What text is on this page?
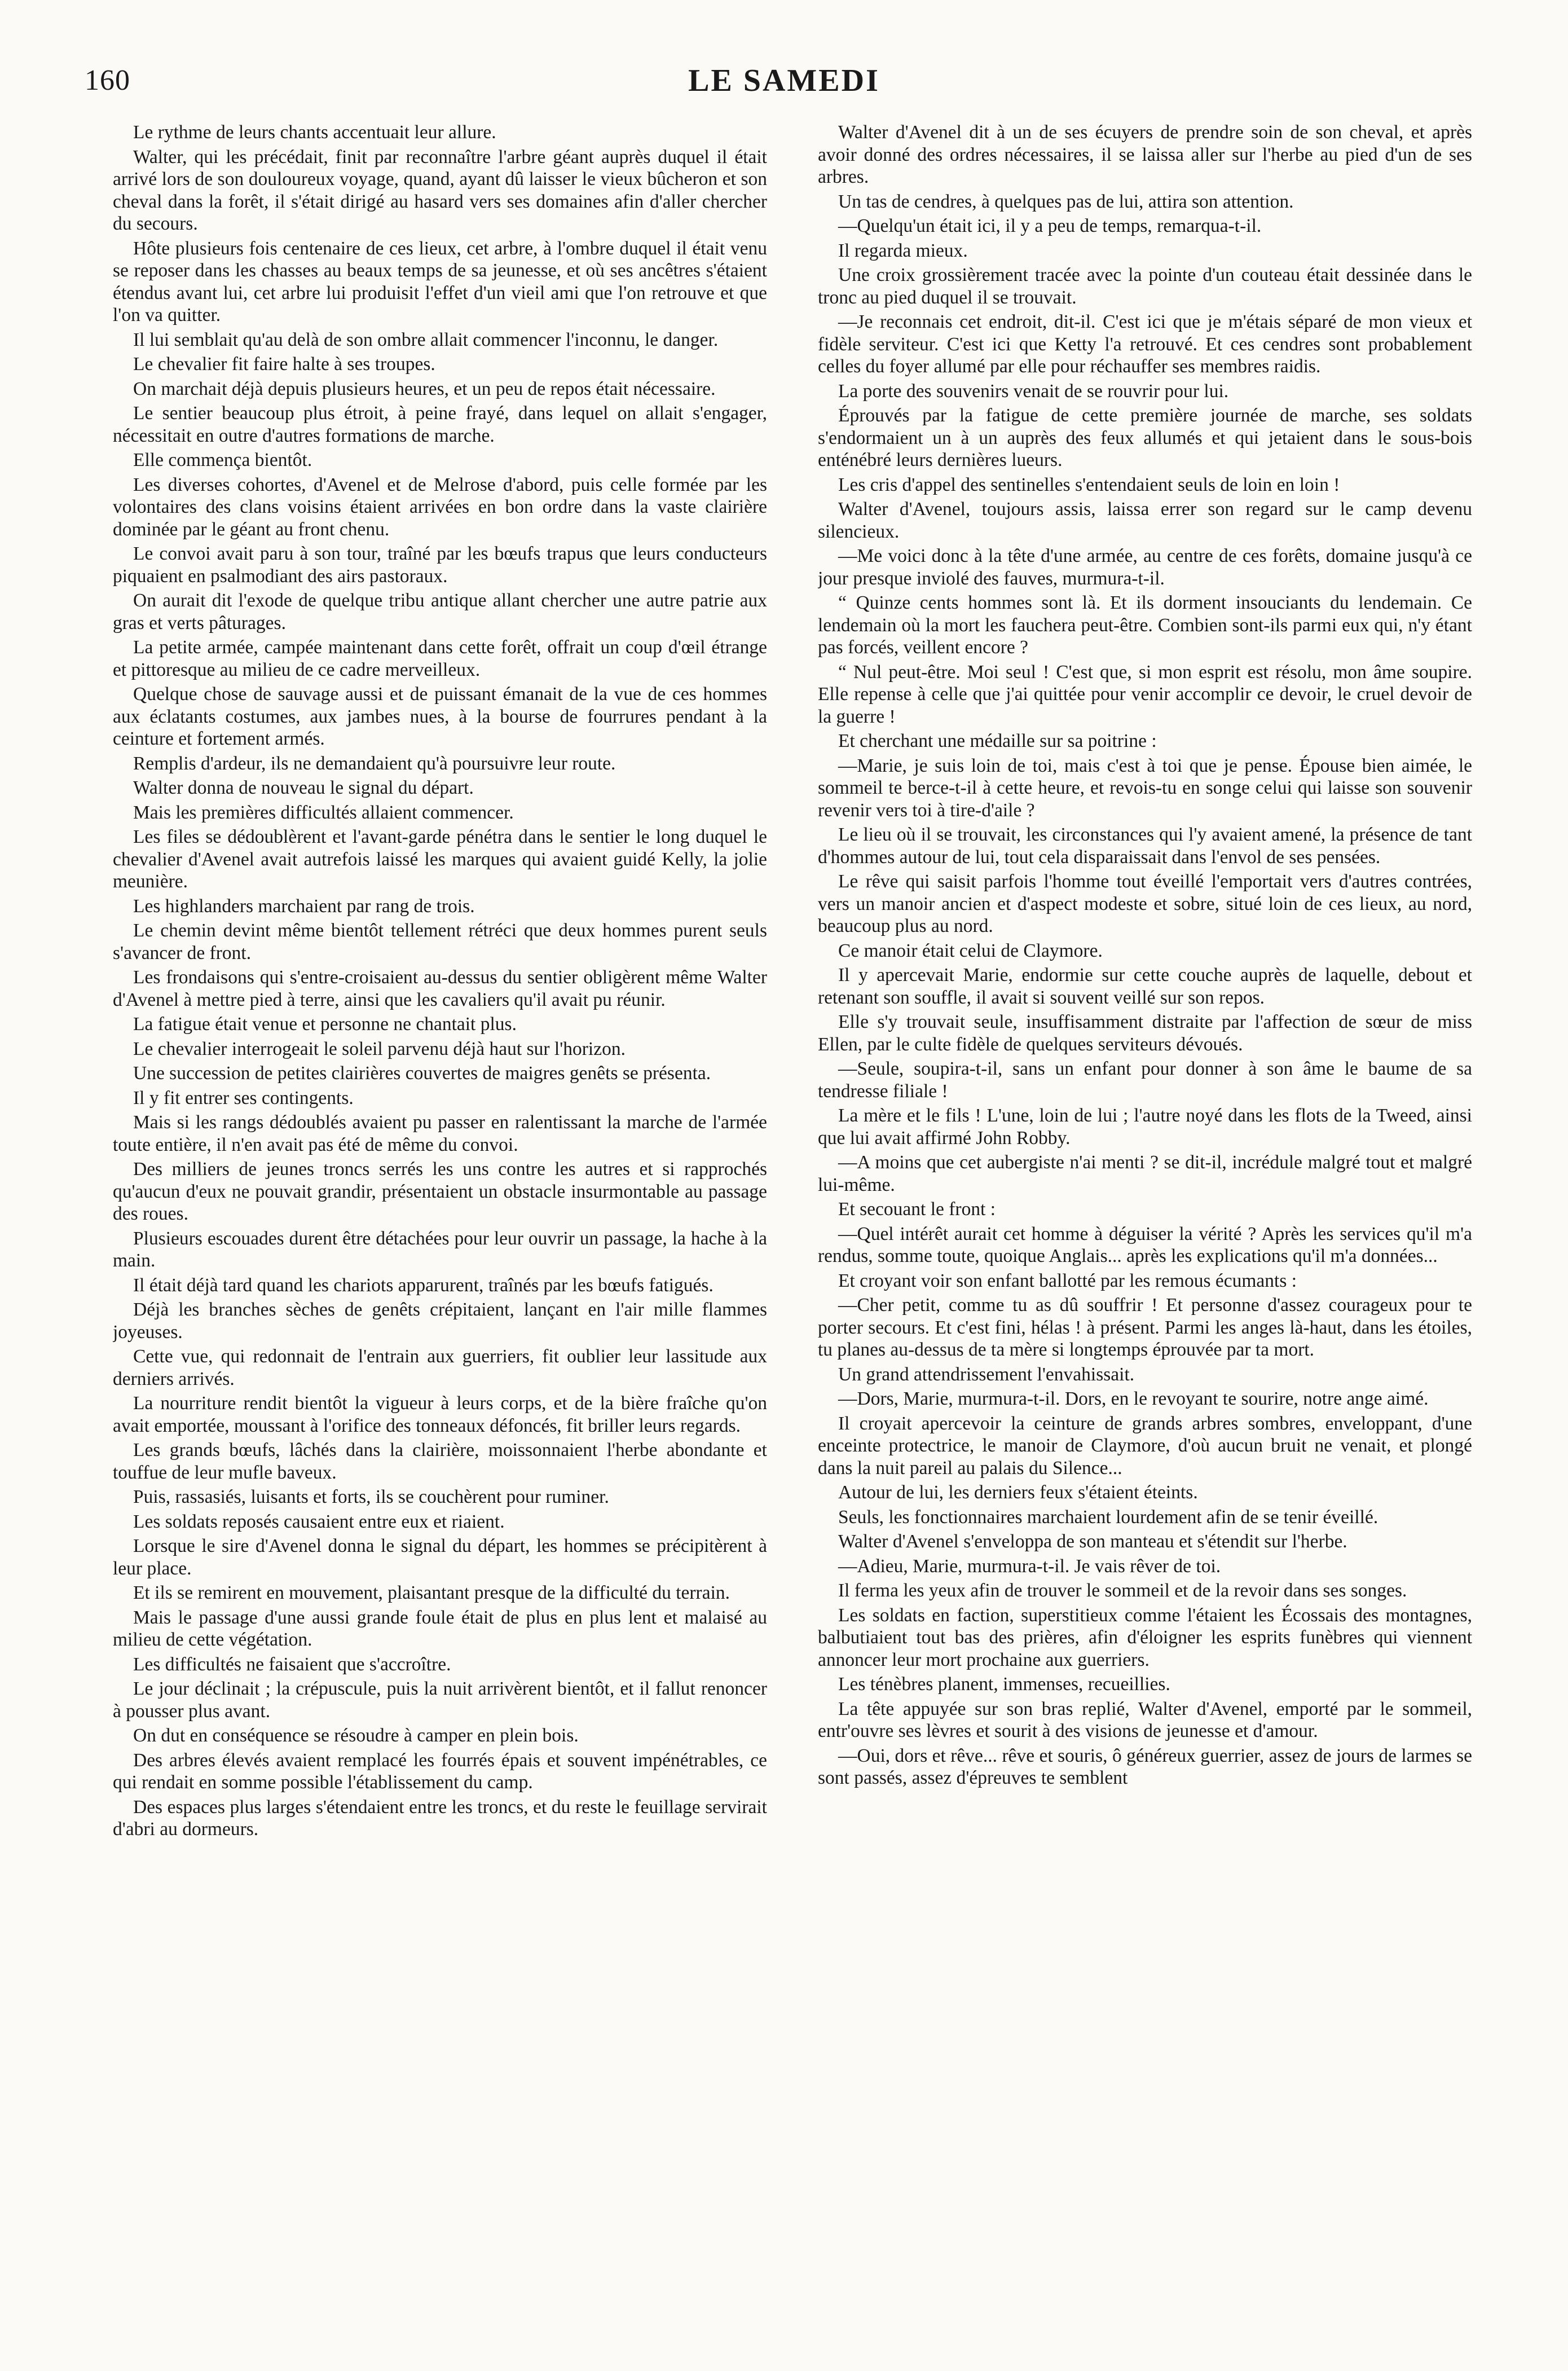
160	LE SAMEDI

Le rythme de leurs chants accentuait leur allure.

Walter, qui les précédait, finit par reconnaître l'arbre géant auprès duquel il était arrivé lors de son douloureux voyage, quand, ayant dû laisser le vieux bûcheron et son cheval dans la forêt, il s'était dirigé au hasard vers ses domaines afin d'aller chercher du secours.

Hôte plusieurs fois centenaire de ces lieux, cet arbre, à l'ombre duquel il était venu se reposer dans les chasses au beaux temps de sa jeunesse, et où ses ancêtres s'étaient étendus avant lui, cet arbre lui produisit l'effet d'un vieil ami que l'on retrouve et que l'on va quitter.

Il lui semblait qu'au delà de son ombre allait commencer l'inconnu, le danger.

Le chevalier fit faire halte à ses troupes.

On marchait déjà depuis plusieurs heures, et un peu de repos était nécessaire.

Le sentier beaucoup plus étroit, à peine frayé, dans lequel on allait s'engager, nécessitait en outre d'autres formations de marche.

Elle commença bientôt.

Les diverses cohortes, d'Avenel et de Melrose d'abord, puis celle formée par les volontaires des clans voisins étaient arrivées en bon ordre dans la vaste clairière dominée par le géant au front chenu.

Le convoi avait paru à son tour, traîné par les bœufs trapus que leurs conducteurs piquaient en psalmodiant des airs pastoraux.

On aurait dit l'exode de quelque tribu antique allant chercher une autre patrie aux gras et verts pâturages.

La petite armée, campée maintenant dans cette forêt, offrait un coup d'œil étrange et pittoresque au milieu de ce cadre merveilleux.

Quelque chose de sauvage aussi et de puissant émanait de la vue de ces hommes aux éclatants costumes, aux jambes nues, à la bourse de fourrures pendant à la ceinture et fortement armés.

Remplis d'ardeur, ils ne demandaient qu'à poursuivre leur route.

Walter donna de nouveau le signal du départ.

Mais les premières difficultés allaient commencer.

Les files se dédoublèrent et l'avant-garde pénétra dans le sentier le long duquel le chevalier d'Avenel avait autrefois laissé les marques qui avaient guidé Kelly, la jolie meunière.

Les highlanders marchaient par rang de trois.

Le chemin devint même bientôt tellement rétréci que deux hommes purent seuls s'avancer de front.

Les frondaisons qui s'entre-croisaient au-dessus du sentier obligèrent même Walter d'Avenel à mettre pied à terre, ainsi que les cavaliers qu'il avait pu réunir.

La fatigue était venue et personne ne chantait plus.

Le chevalier interrogeait le soleil parvenu déjà haut sur l'horizon.

Une succession de petites clairières couvertes de maigres genêts se présenta.

Il y fit entrer ses contingents.

Mais si les rangs dédoublés avaient pu passer en ralentissant la marche de l'armée toute entière, il n'en avait pas été de même du convoi.

Des milliers de jeunes troncs serrés les uns contre les autres et si rapprochés qu'aucun d'eux ne pouvait grandir, présentaient un obstacle insurmontable au passage des roues.

Plusieurs escouades durent être détachées pour leur ouvrir un passage, la hache à la main.

Il était déjà tard quand les chariots apparurent, traînés par les bœufs fatigués.

Déjà les branches sèches de genêts crépitaient, lançant en l'air mille flammes joyeuses.

Cette vue, qui redonnait de l'entrain aux guerriers, fit oublier leur lassitude aux derniers arrivés.

La nourriture rendit bientôt la vigueur à leurs corps, et de la bière fraîche qu'on avait emportée, moussant à l'orifice des tonneaux défoncés, fit briller leurs regards.

Les grands bœufs, lâchés dans la clairière, moissonnaient l'herbe abondante et touffue de leur mufle baveux.

Puis, rassasiés, luisants et forts, ils se couchèrent pour ruminer.

Les soldats reposés causaient entre eux et riaient.

Lorsque le sire d'Avenel donna le signal du départ, les hommes se précipitèrent à leur place.

Et ils se remirent en mouvement, plaisantant presque de la difficulté du terrain.

Mais le passage d'une aussi grande foule était de plus en plus lent et malaisé au milieu de cette végétation.

Les difficultés ne faisaient que s'accroître.

Le jour déclinait ; la crépuscule, puis la nuit arrivèrent bientôt, et il fallut renoncer à pousser plus avant.

On dut en conséquence se résoudre à camper en plein bois.

Des arbres élevés avaient remplacé les fourrés épais et souvent impénétrables, ce qui rendait en somme possible l'établissement du camp.

Des espaces plus larges s'étendaient entre les troncs, et du reste le feuillage servirait d'abri au dormeurs.

Walter d'Avenel dit à un de ses écuyers de prendre soin de son cheval, et après avoir donné des ordres nécessaires, il se laissa aller sur l'herbe au pied d'un de ses arbres.

Un tas de cendres, à quelques pas de lui, attira son attention.

—Quelqu'un était ici, il y a peu de temps, remarqua-t-il.

Il regarda mieux.

Une croix grossièrement tracée avec la pointe d'un couteau était dessinée dans le tronc au pied duquel il se trouvait.

—Je reconnais cet endroit, dit-il. C'est ici que je m'étais séparé de mon vieux et fidèle serviteur. C'est ici que Ketty l'a retrouvé. Et ces cendres sont probablement celles du foyer allumé par elle pour réchauffer ses membres raidis.

La porte des souvenirs venait de se rouvrir pour lui.

Éprouvés par la fatigue de cette première journée de marche, ses soldats s'endormaient un à un auprès des feux allumés et qui jetaient dans le sous-bois enténébré leurs dernières lueurs.

Les cris d'appel des sentinelles s'entendaient seuls de loin en loin !

Walter d'Avenel, toujours assis, laissa errer son regard sur le camp devenu silencieux.

—Me voici donc à la tête d'une armée, au centre de ces forêts, domaine jusqu'à ce jour presque inviolé des fauves, murmura-t-il.

“ Quinze cents hommes sont là. Et ils dorment insouciants du lendemain. Ce lendemain où la mort les fauchera peut-être. Combien sont-ils parmi eux qui, n'y étant pas forcés, veillent encore ?

“ Nul peut-être. Moi seul ! C'est que, si mon esprit est résolu, mon âme soupire. Elle repense à celle que j'ai quittée pour venir accomplir ce devoir, le cruel devoir de la guerre !

Et cherchant une médaille sur sa poitrine :

—Marie, je suis loin de toi, mais c'est à toi que je pense. Épouse bien aimée, le sommeil te berce-t-il à cette heure, et revois-tu en songe celui qui laisse son souvenir revenir vers toi à tire-d'aile ?

Le lieu où il se trouvait, les circonstances qui l'y avaient amené, la présence de tant d'hommes autour de lui, tout cela disparaissait dans l'envol de ses pensées.

Le rêve qui saisit parfois l'homme tout éveillé l'emportait vers d'autres contrées, vers un manoir ancien et d'aspect modeste et sobre, situé loin de ces lieux, au nord, beaucoup plus au nord.

Ce manoir était celui de Claymore.

Il y apercevait Marie, endormie sur cette couche auprès de laquelle, debout et retenant son souffle, il avait si souvent veillé sur son repos.

Elle s'y trouvait seule, insuffisamment distraite par l'affection de sœur de miss Ellen, par le culte fidèle de quelques serviteurs dévoués.

—Seule, soupira-t-il, sans un enfant pour donner à son âme le baume de sa tendresse filiale !

La mère et le fils ! L'une, loin de lui ; l'autre noyé dans les flots de la Tweed, ainsi que lui avait affirmé John Robby.

—A moins que cet aubergiste n'ai menti ? se dit-il, incrédule malgré tout et malgré lui-même.

Et secouant le front :

—Quel intérêt aurait cet homme à déguiser la vérité ? Après les services qu'il m'a rendus, somme toute, quoique Anglais... après les explications qu'il m'a données...

Et croyant voir son enfant ballotté par les remous écumants :

—Cher petit, comme tu as dû souffrir ! Et personne d'assez courageux pour te porter secours. Et c'est fini, hélas ! à présent. Parmi les anges là-haut, dans les étoiles, tu planes au-dessus de ta mère si longtemps éprouvée par ta mort.

Un grand attendrissement l'envahissait.

—Dors, Marie, murmura-t-il. Dors, en le revoyant te sourire, notre ange aimé.

Il croyait apercevoir la ceinture de grands arbres sombres, enveloppant, d'une enceinte protectrice, le manoir de Claymore, d'où aucun bruit ne venait, et plongé dans la nuit pareil au palais du Silence...

Autour de lui, les derniers feux s'étaient éteints.

Seuls, les fonctionnaires marchaient lourdement afin de se tenir éveillé.

Walter d'Avenel s'enveloppa de son manteau et s'étendit sur l'herbe.

—Adieu, Marie, murmura-t-il. Je vais rêver de toi.

Il ferma les yeux afin de trouver le sommeil et de la revoir dans ses songes.

Les soldats en faction, superstitieux comme l'étaient les Écossais des montagnes, balbutiaient tout bas des prières, afin d'éloigner les esprits funèbres qui viennent annoncer leur mort prochaine aux guerriers.

Les ténèbres planent, immenses, recueillies.

La tête appuyée sur son bras replié, Walter d'Avenel, emporté par le sommeil, entr'ouvre ses lèvres et sourit à des visions de jeunesse et d'amour.

—Oui, dors et rêve... rêve et souris, ô généreux guerrier, assez de jours de larmes se sont passés, assez d'épreuves te semblent
